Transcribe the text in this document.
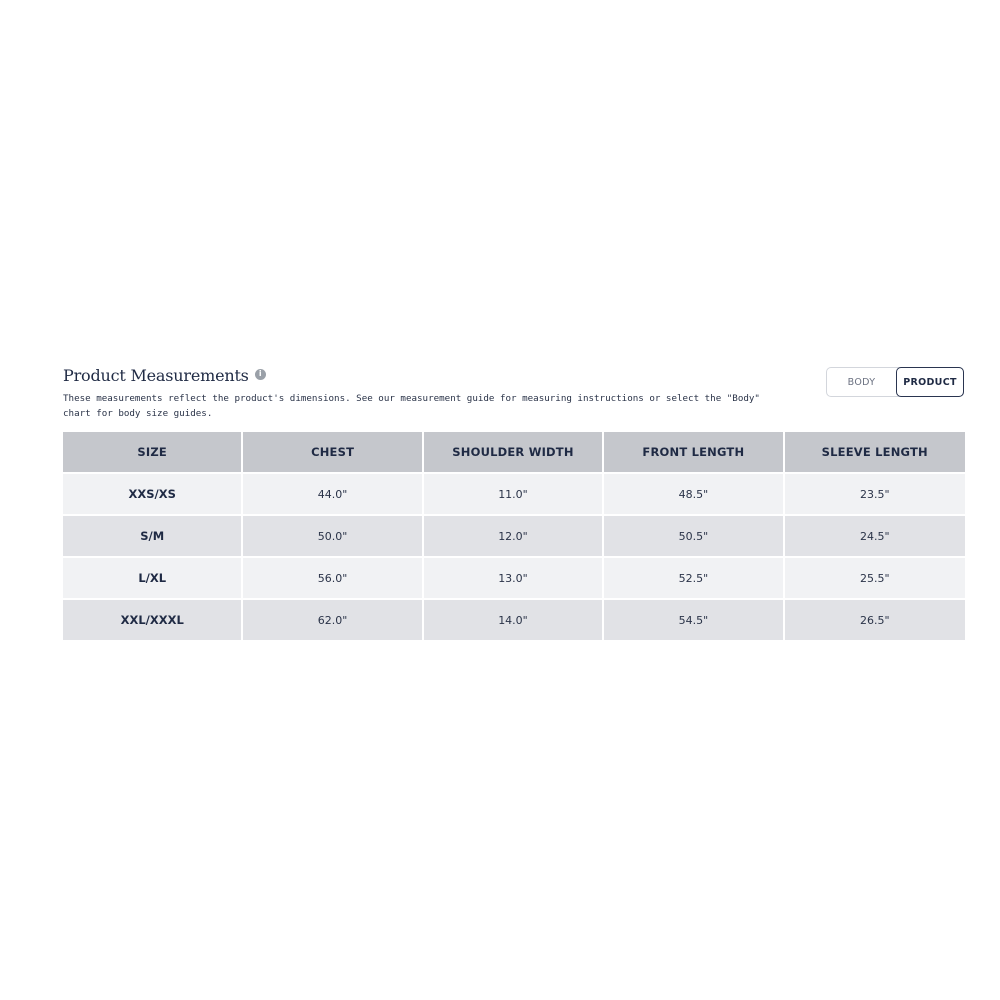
Product Measurements	i
These measurements reflect the product's dimensions. See our measurement guide for measuring instructions or select the "Body" chart for body size guides.
BODY	PRODUCT
SIZE	CHEST	SHOULDER WIDTH	FRONT LENGTH	SLEEVE LENGTH
XXS/XS	44.0"	11.0"	48.5"	23.5"
S/M	50.0"	12.0"	50.5"	24.5"
L/XL	56.0"	13.0"	52.5"	25.5"
XXL/XXXL	62.0"	14.0"	54.5"	26.5"
